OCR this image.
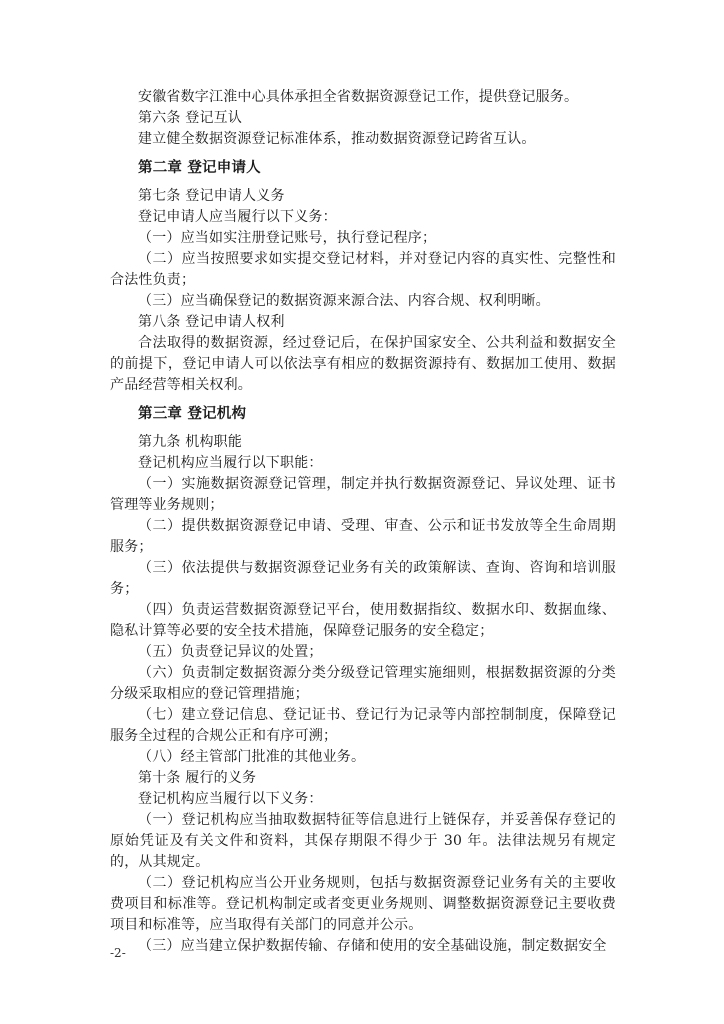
安徽省数字江淮中心具体承担全省数据资源登记工作，提供登记服务。

第六条 登记互认

建立健全数据资源登记标准体系，推动数据资源登记跨省互认。

第二章 登记申请人

第七条 登记申请人义务

登记申请人应当履行以下义务：

（一）应当如实注册登记账号，执行登记程序；

（二）应当按照要求如实提交登记材料，并对登记内容的真实性、完整性和合法性负责；

（三）应当确保登记的数据资源来源合法、内容合规、权利明晰。

第八条 登记申请人权利

合法取得的数据资源，经过登记后，在保护国家安全、公共利益和数据安全的前提下，登记申请人可以依法享有相应的数据资源持有、数据加工使用、数据产品经营等相关权利。

第三章 登记机构

第九条 机构职能

登记机构应当履行以下职能：

（一）实施数据资源登记管理，制定并执行数据资源登记、异议处理、证书管理等业务规则；

（二）提供数据资源登记申请、受理、审查、公示和证书发放等全生命周期服务；

（三）依法提供与数据资源登记业务有关的政策解读、查询、咨询和培训服务；

（四）负责运营数据资源登记平台，使用数据指纹、数据水印、数据血缘、隐私计算等必要的安全技术措施，保障登记服务的安全稳定；

（五）负责登记异议的处置；

（六）负责制定数据资源分类分级登记管理实施细则，根据数据资源的分类分级采取相应的登记管理措施；

（七）建立登记信息、登记证书、登记行为记录等内部控制制度，保障登记服务全过程的合规公正和有序可溯；

（八）经主管部门批准的其他业务。

第十条 履行的义务

登记机构应当履行以下义务：

（一）登记机构应当抽取数据特征等信息进行上链保存，并妥善保存登记的原始凭证及有关文件和资料，其保存期限不得少于 30 年。法律法规另有规定的，从其规定。

（二）登记机构应当公开业务规则，包括与数据资源登记业务有关的主要收费项目和标准等。登记机构制定或者变更业务规则、调整数据资源登记主要收费项目和标准等，应当取得有关部门的同意并公示。

（三）应当建立保护数据传输、存储和使用的安全基础设施，制定数据安全

-2-
